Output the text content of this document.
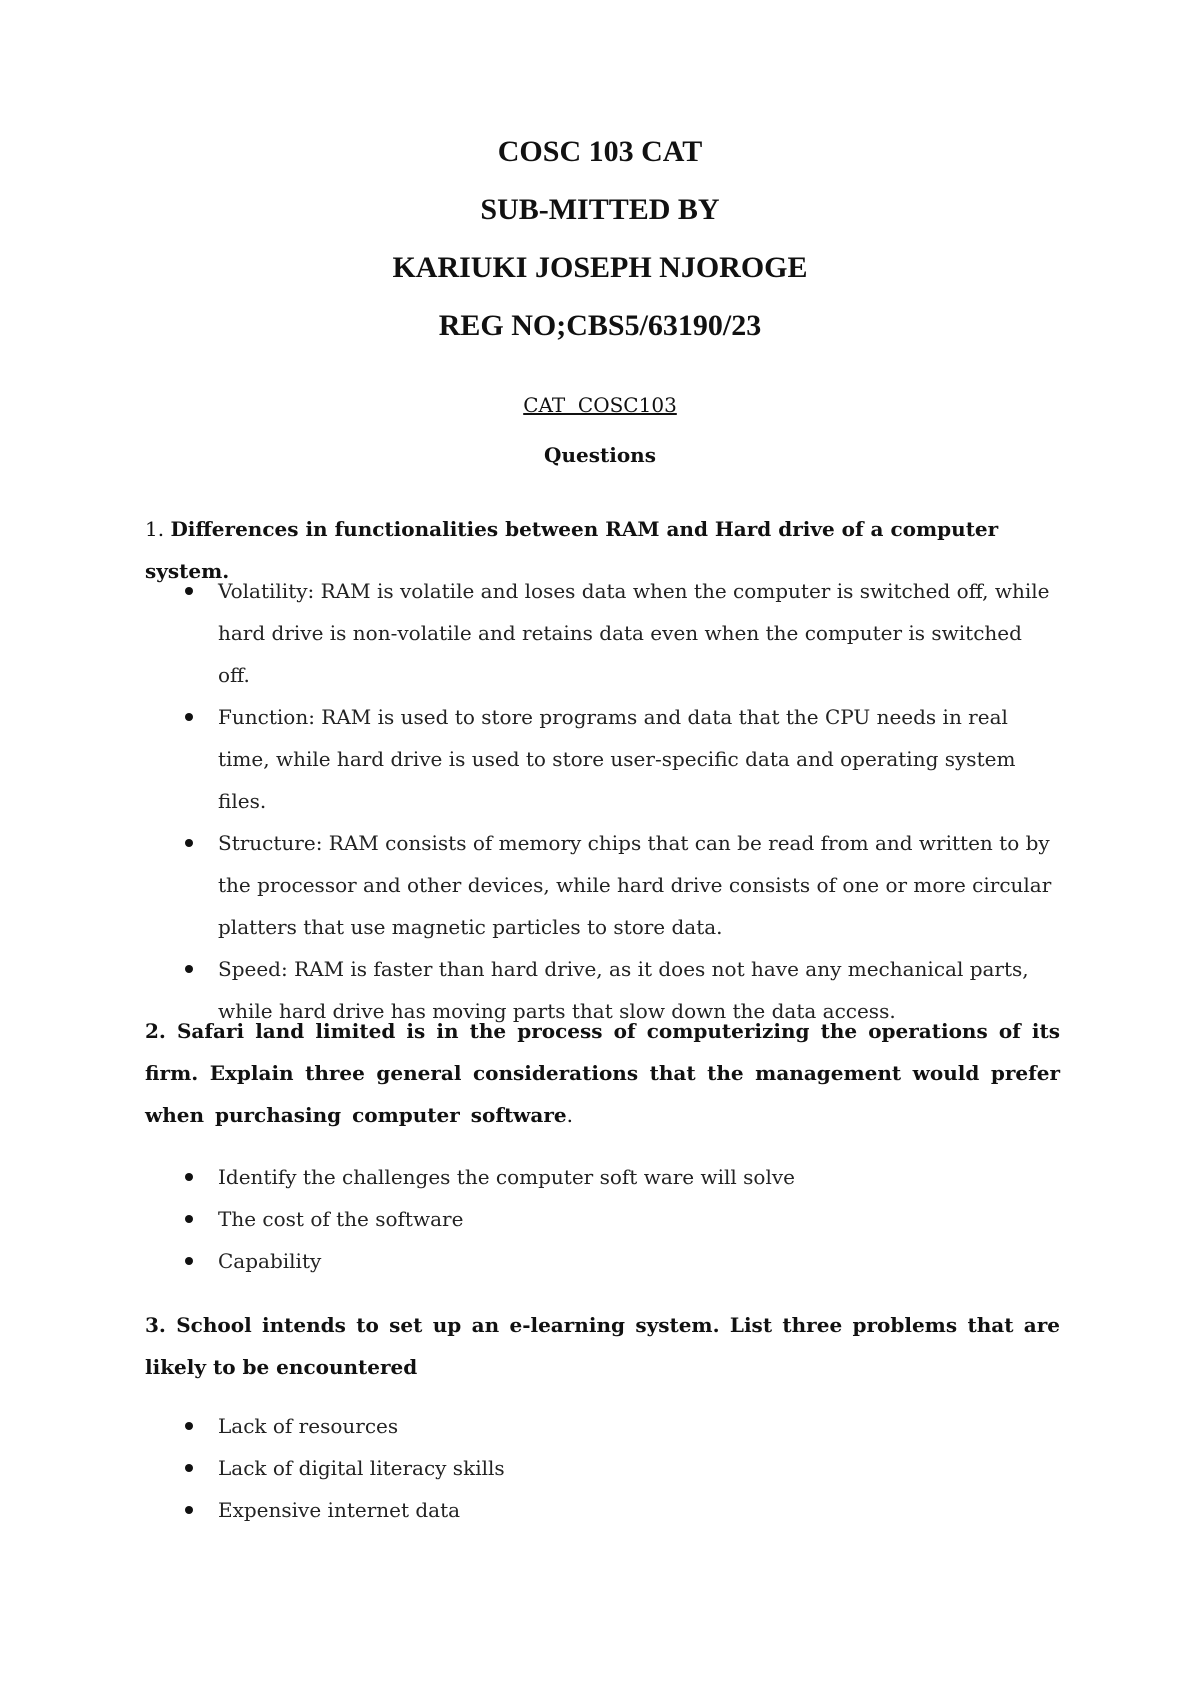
COSC 103 CAT

SUB-MITTED BY

KARIUKI JOSEPH NJOROGE

REG NO;CBS5/63190/23

CAT  COSC103

Questions

1. Differences in functionalities between RAM and Hard drive of a computer system.

Volatility: RAM is volatile and loses data when the computer is switched off, while hard drive is non-volatile and retains data even when the computer is switched off.
Function: RAM is used to store programs and data that the CPU needs in real time, while hard drive is used to store user-specific data and operating system files.
Structure: RAM consists of memory chips that can be read from and written to by the processor and other devices, while hard drive consists of one or more circular platters that use magnetic particles to store data.
Speed: RAM is faster than hard drive, as it does not have any mechanical parts, while hard drive has moving parts that slow down the data access.

2. Safari land limited is in the process of computerizing the operations of its firm. Explain three general considerations that the management would prefer when purchasing computer software.

Identify the challenges the computer soft ware will solve
The cost of the software
Capability

3. School intends to set up an e-learning system. List three problems that are likely to be encountered

Lack of resources
Lack of digital literacy skills
Expensive internet data
